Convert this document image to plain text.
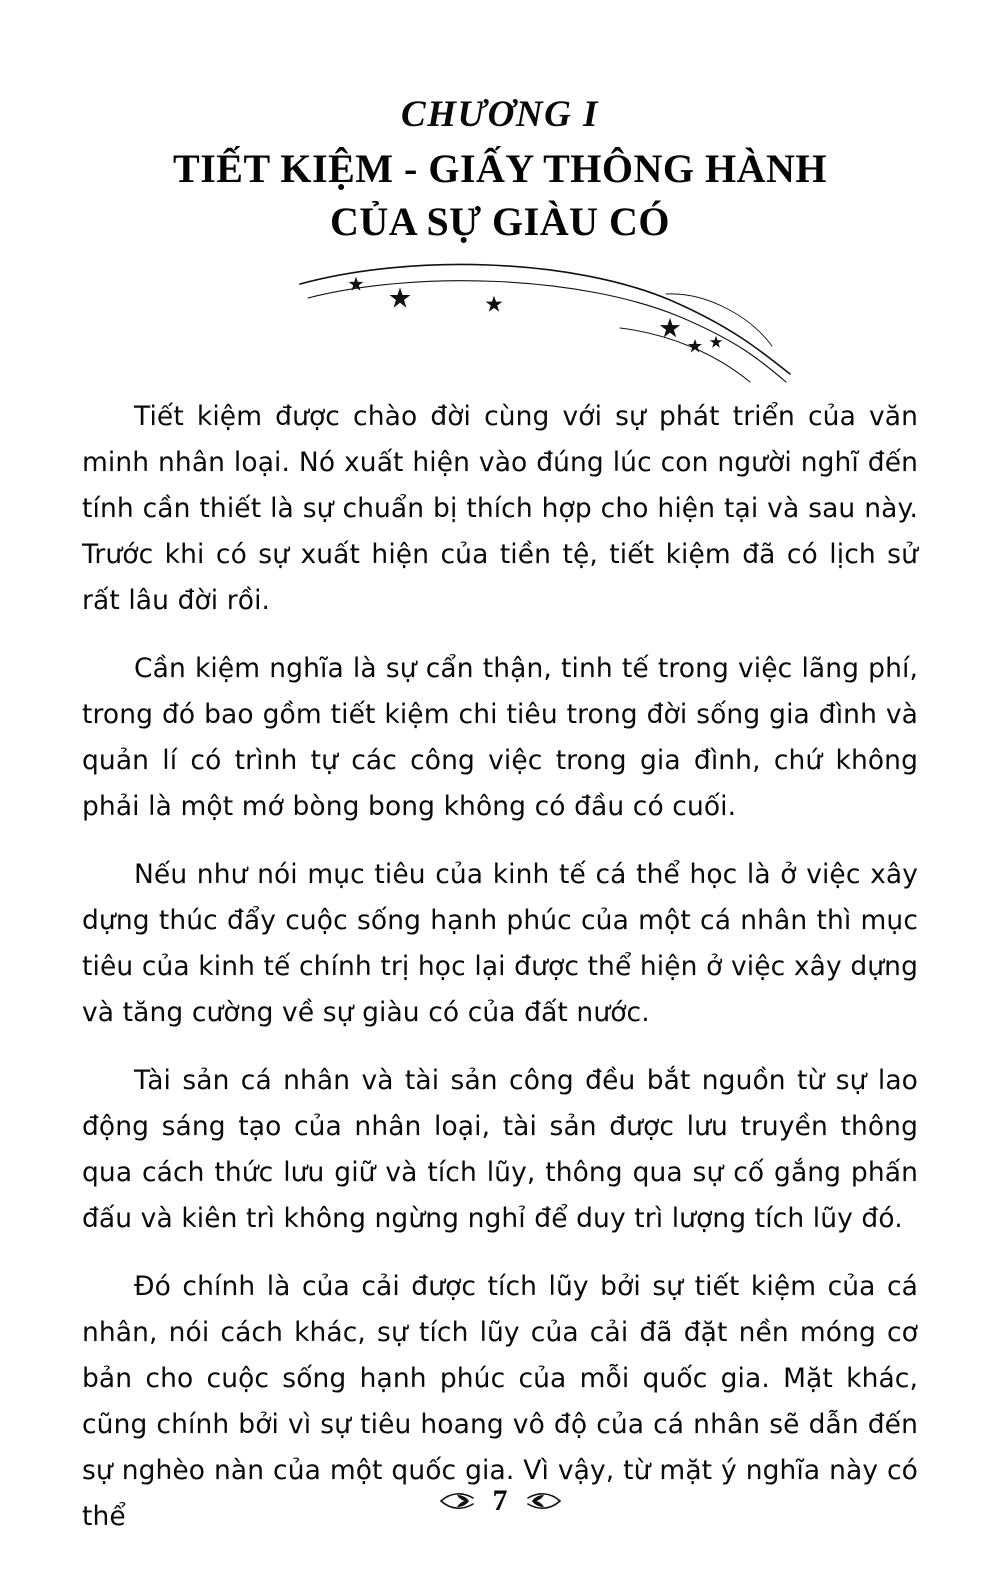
CHƯƠNG I
TIẾT KIỆM - GIẤY THÔNG HÀNH
CỦA SỰ GIÀU CÓ

Tiết kiệm được chào đời cùng với sự phát triển của văn minh nhân loại. Nó xuất hiện vào đúng lúc con người nghĩ đến tính cần thiết là sự chuẩn bị thích hợp cho hiện tại và sau này. Trước khi có sự xuất hiện của tiền tệ, tiết kiệm đã có lịch sử rất lâu đời rồi.

Cần kiệm nghĩa là sự cẩn thận, tinh tế trong việc lãng phí, trong đó bao gồm tiết kiệm chi tiêu trong đời sống gia đình và quản lí có trình tự các công việc trong gia đình, chứ không phải là một mớ bòng bong không có đầu có cuối.

Nếu như nói mục tiêu của kinh tế cá thể học là ở việc xây dựng thúc đẩy cuộc sống hạnh phúc của một cá nhân thì mục tiêu của kinh tế chính trị học lại được thể hiện ở việc xây dựng và tăng cường về sự giàu có của đất nước.

Tài sản cá nhân và tài sản công đều bắt nguồn từ sự lao động sáng tạo của nhân loại, tài sản được lưu truyền thông qua cách thức lưu giữ và tích lũy, thông qua sự cố gắng phấn đấu và kiên trì không ngừng nghỉ để duy trì lượng tích lũy đó.

Đó chính là của cải được tích lũy bởi sự tiết kiệm của cá nhân, nói cách khác, sự tích lũy của cải đã đặt nền móng cơ bản cho cuộc sống hạnh phúc của mỗi quốc gia. Mặt khác, cũng chính bởi vì sự tiêu hoang vô độ của cá nhân sẽ dẫn đến sự nghèo nàn của một quốc gia. Vì vậy, từ mặt ý nghĩa này có thể	7
